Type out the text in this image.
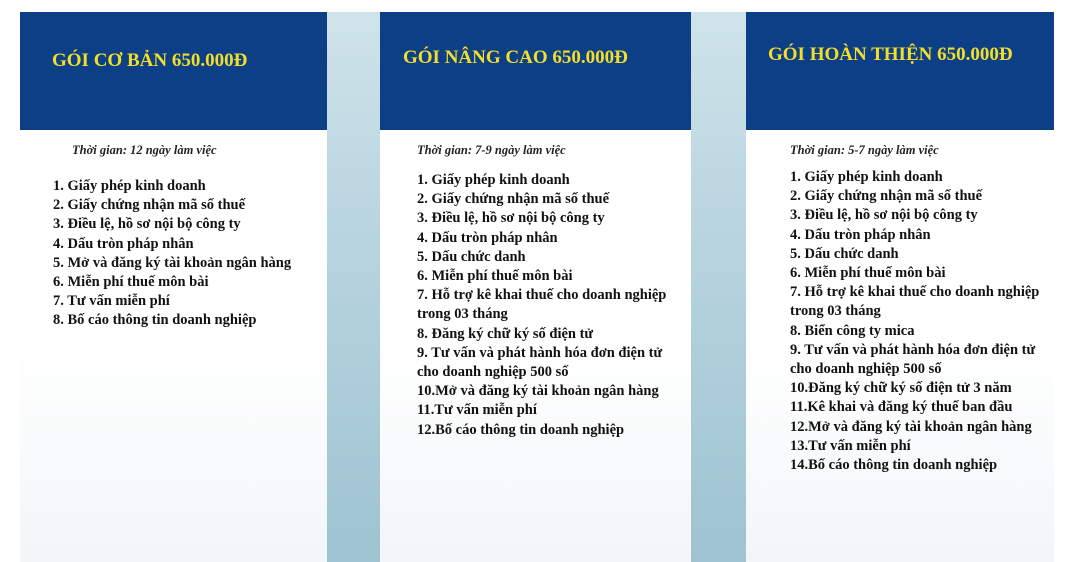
GÓI CƠ BẢN 650.000Đ
Thời gian: 12 ngày làm việc
1. Giấy phép kinh doanh
2. Giấy chứng nhận mã số thuế
3. Điều lệ, hồ sơ nội bộ công ty
4. Dấu tròn pháp nhân
5. Mở và đăng ký tài khoản ngân hàng
6. Miễn phí thuế môn bài
7. Tư vấn miễn phí
8. Bố cáo thông tin doanh nghiệp
GÓI NÂNG CAO 650.000Đ
Thời gian: 7-9 ngày làm việc
1. Giấy phép kinh doanh
2. Giấy chứng nhận mã số thuế
3. Điều lệ, hồ sơ nội bộ công ty
4. Dấu tròn pháp nhân
5. Dấu chức danh
6. Miễn phí thuế môn bài
7. Hỗ trợ kê khai thuế cho doanh nghiệp trong 03 tháng
8. Đăng ký chữ ký số điện tử
9. Tư vấn và phát hành hóa đơn điện tử cho doanh nghiệp 500 số
10.Mở và đăng ký tài khoản ngân hàng
11.Tư vấn miễn phí
12.Bố cáo thông tin doanh nghiệp
GÓI HOÀN THIỆN 650.000Đ
Thời gian: 5-7 ngày làm việc
1. Giấy phép kinh doanh
2. Giấy chứng nhận mã số thuế
3. Điều lệ, hồ sơ nội bộ công ty
4. Dấu tròn pháp nhân
5. Dấu chức danh
6. Miễn phí thuế môn bài
7. Hỗ trợ kê khai thuế cho doanh nghiệp trong 03 tháng
8. Biển công ty mica
9. Tư vấn và phát hành hóa đơn điện tử cho doanh nghiệp 500 số
10.Đăng ký chữ ký số điện tử 3 năm
11.Kê khai và đăng ký thuế ban đầu
12.Mở và đăng ký tài khoản ngân hàng
13.Tư vấn miễn phí
14.Bố cáo thông tin doanh nghiệp
